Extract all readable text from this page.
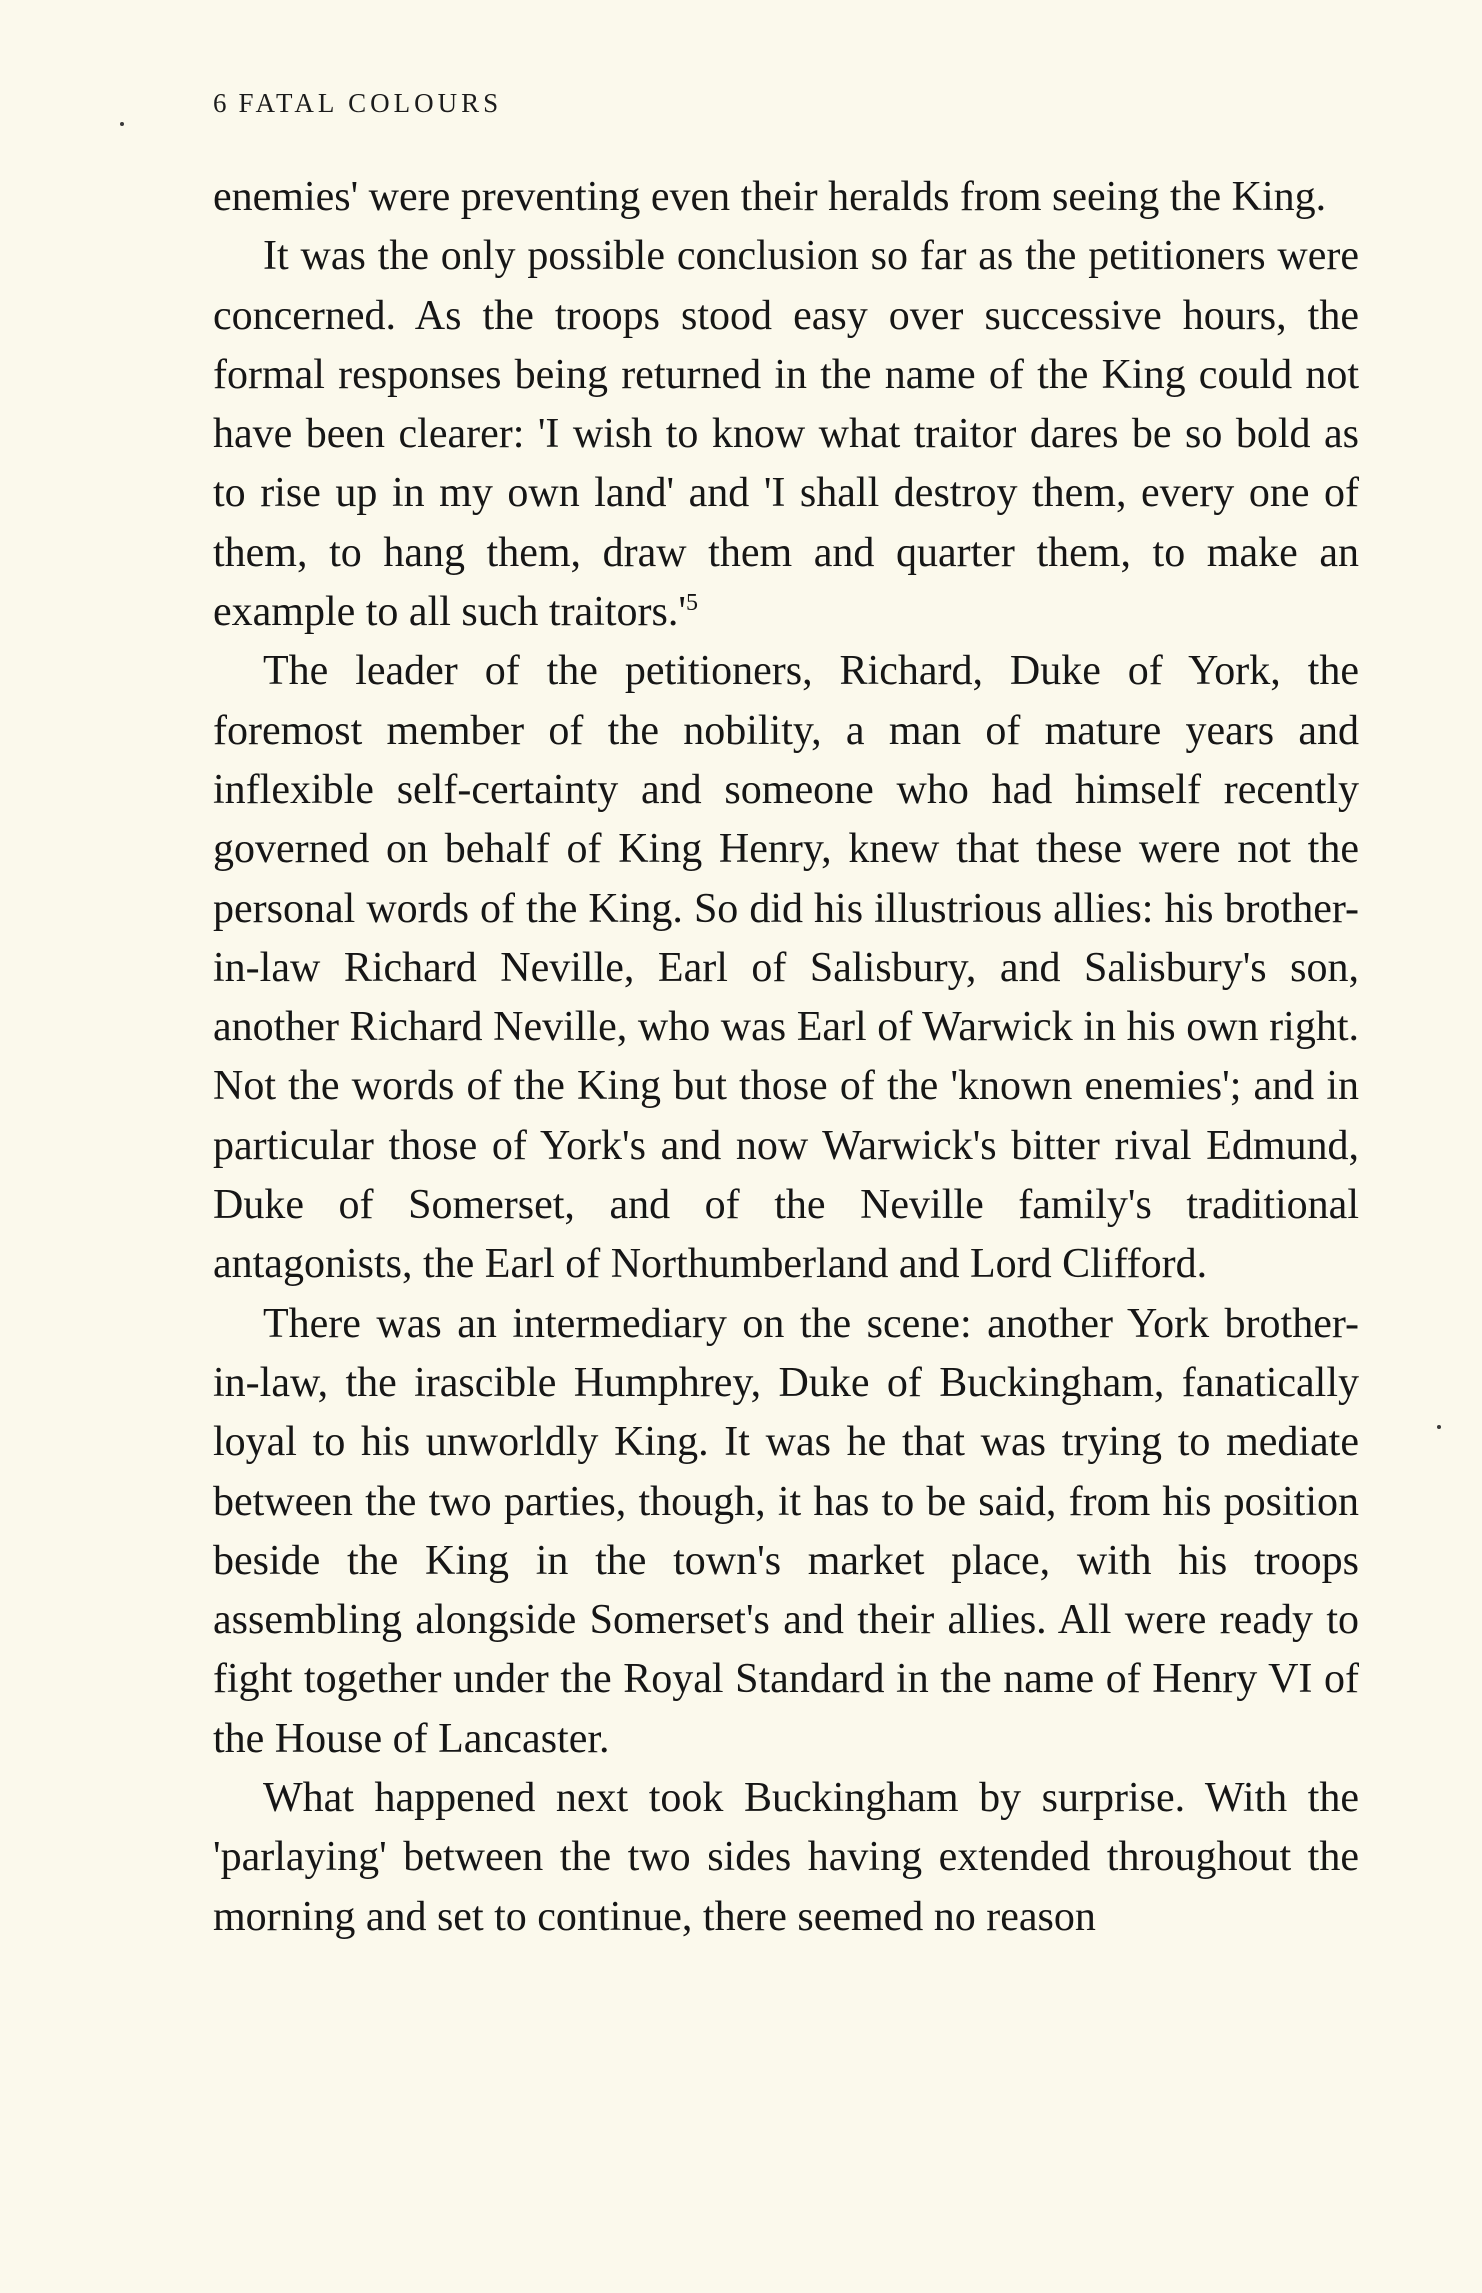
6 FATAL COLOURS

enemies' were preventing even their heralds from seeing the King.

It was the only possible conclusion so far as the petitioners were concerned. As the troops stood easy over successive hours, the formal responses being returned in the name of the King could not have been clearer: 'I wish to know what traitor dares be so bold as to rise up in my own land' and 'I shall destroy them, every one of them, to hang them, draw them and quarter them, to make an example to all such traitors.'$^5$

The leader of the petitioners, Richard, Duke of York, the foremost member of the nobility, a man of mature years and inflexible self-certainty and someone who had himself recently governed on behalf of King Henry, knew that these were not the personal words of the King. So did his illustrious allies: his brother-in-law Richard Neville, Earl of Salisbury, and Salisbury's son, another Richard Neville, who was Earl of Warwick in his own right. Not the words of the King but those of the 'known enemies'; and in particular those of York's and now Warwick's bitter rival Edmund, Duke of Somerset, and of the Neville family's traditional antagonists, the Earl of Northumberland and Lord Clifford.

There was an intermediary on the scene: another York brother-in-law, the irascible Humphrey, Duke of Buckingham, fanatically loyal to his unworldly King. It was he that was trying to mediate between the two parties, though, it has to be said, from his position beside the King in the town's market place, with his troops assembling alongside Somerset's and their allies. All were ready to fight together under the Royal Standard in the name of Henry VI of the House of Lancaster.

What happened next took Buckingham by surprise. With the 'parlaying' between the two sides having extended throughout the morning and set to continue, there seemed no reason
